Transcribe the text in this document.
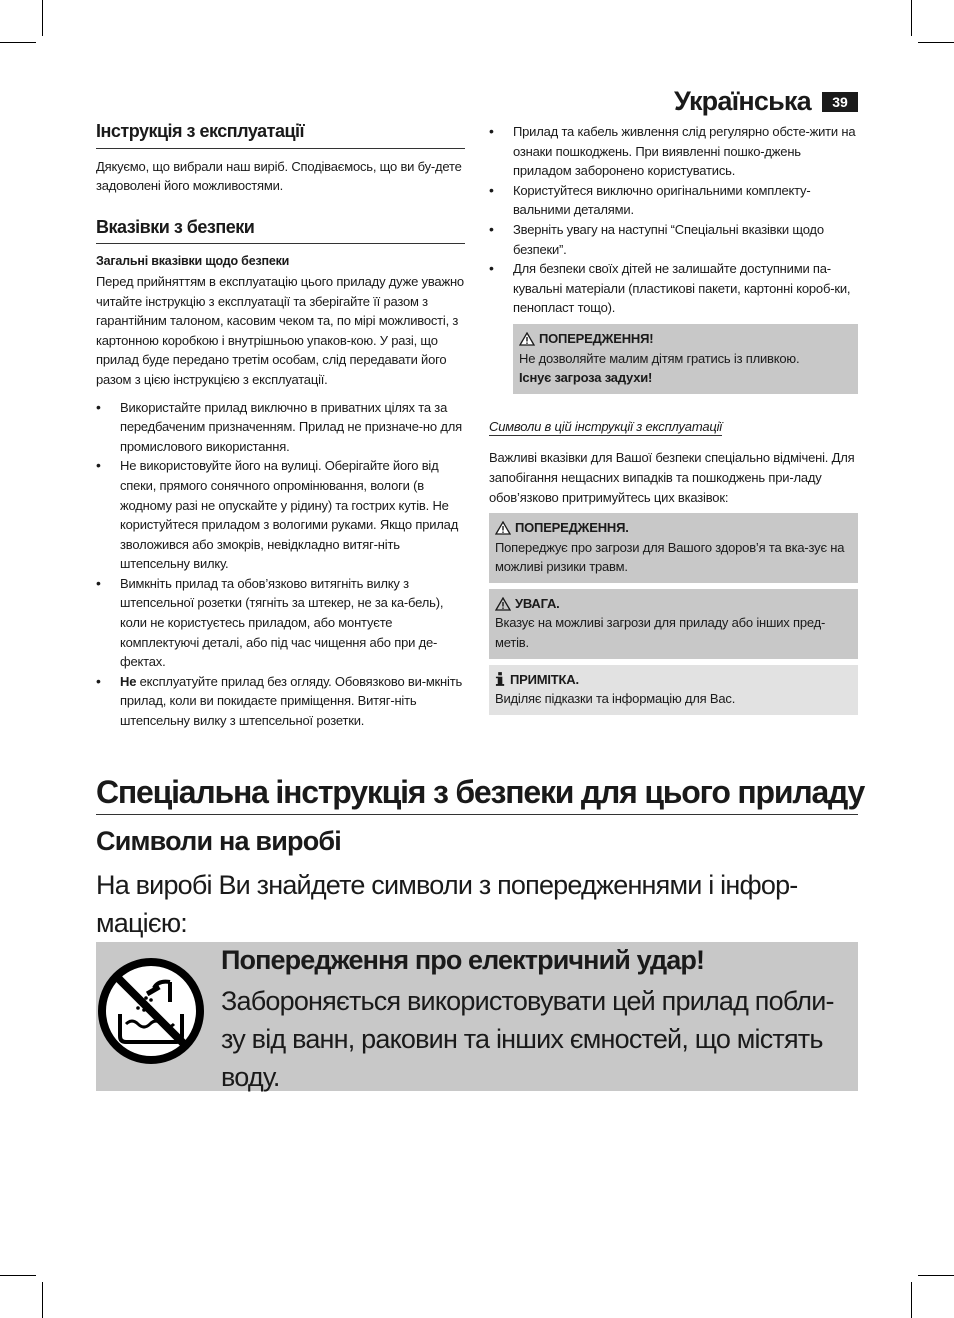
Українська	39
Інструкція з експлуатації

Дякуємо, що вибрали наш виріб. Сподіваємось, що ви бу-дете задоволені його можливостями.

Вказівки з безпеки

Загальні вказівки щодо безпеки

Перед прийняттям в експлуатацію цього приладу дуже уважно читайте інструкцію з експлуатації та зберігайте її разом з гарантійним талоном, касовим чеком та, по мірі можливості, з картонною коробкою і внутрішньою упаков-кою. У разі, що прилад буде передано третім особам, слід передавати його разом з цією інструкцією з експлуатації.

• Використайте прилад виключно в приватних цілях та за передбаченим призначенням. Прилад не призначе-но для промислового використання.
• Не використовуйте його на вулиці. Оберігайте його від спеки, прямого сонячного опромінювання, вологи (в жодному разі не опускайте у рідину) та гострих кутів. Не користуйтеся приладом з вологими руками. Якщо прилад зволожився або змокрів, невідкладно витяг-ніть штепсельну вилку.
• Вимкніть прилад та обов’язково витягніть вилку з штепсельної розетки (тягніть за штекер, не за ка-бель), коли не користуєтесь приладом, або монтуєте комплектуючі деталі, або під час чищення або при де-фектах.
• Не експлуатуйте прилад без огляду. Обовязково ви-мкніть прилад, коли ви покидаєте приміщення. Витяг-ніть штепсельну вилку з штепсельної розетки.
• Прилад та кабель живлення слід регулярно обсте-жити на ознаки пошкоджень. При виявленні пошко-джень приладом заборонено користуватись.
• Користуйтеся виключно оригінальними комплекту-вальними деталями.
• Зверніть увагу на наступні “Спеціальні вказівки щодо безпеки”.
• Для безпеки своїх дітей не залишайте доступними па-кувальні матеріали (пластикові пакети, картонні короб-ки, пенопласт тощо).
ПОПЕРЕДЖЕННЯ!
Не дозволяйте малим дітям гратись із пливкою.
Існує загроза задухи!
Символи в цій інструкції з експлуатації

Важливі вказівки для Вашої безпеки спеціально відмічені. Для запобігання нещасних випадків та пошкоджень при-ладу обов’язково притримуйтесь цих вказівок:

ПОПЕРЕДЖЕННЯ.
Попереджує про загрози для Вашого здоров’я та вка-зує на можливі ризики травм.
УВАГА.
Вказує на можливі загрози для приладу або інших пред-метів.
ПРИМІТКА.
Виділяє підказки та інформацію для Вас.
Спеціальна інструкція з безпеки для цього приладу
Символи на виробі
На виробі Ви знайдете символи з попередженнями і інфор-мацією:
Попередження про електричний удар!
Забороняється використовувати цей прилад побли-зу від ванн, раковин та інших ємностей, що містять воду.
